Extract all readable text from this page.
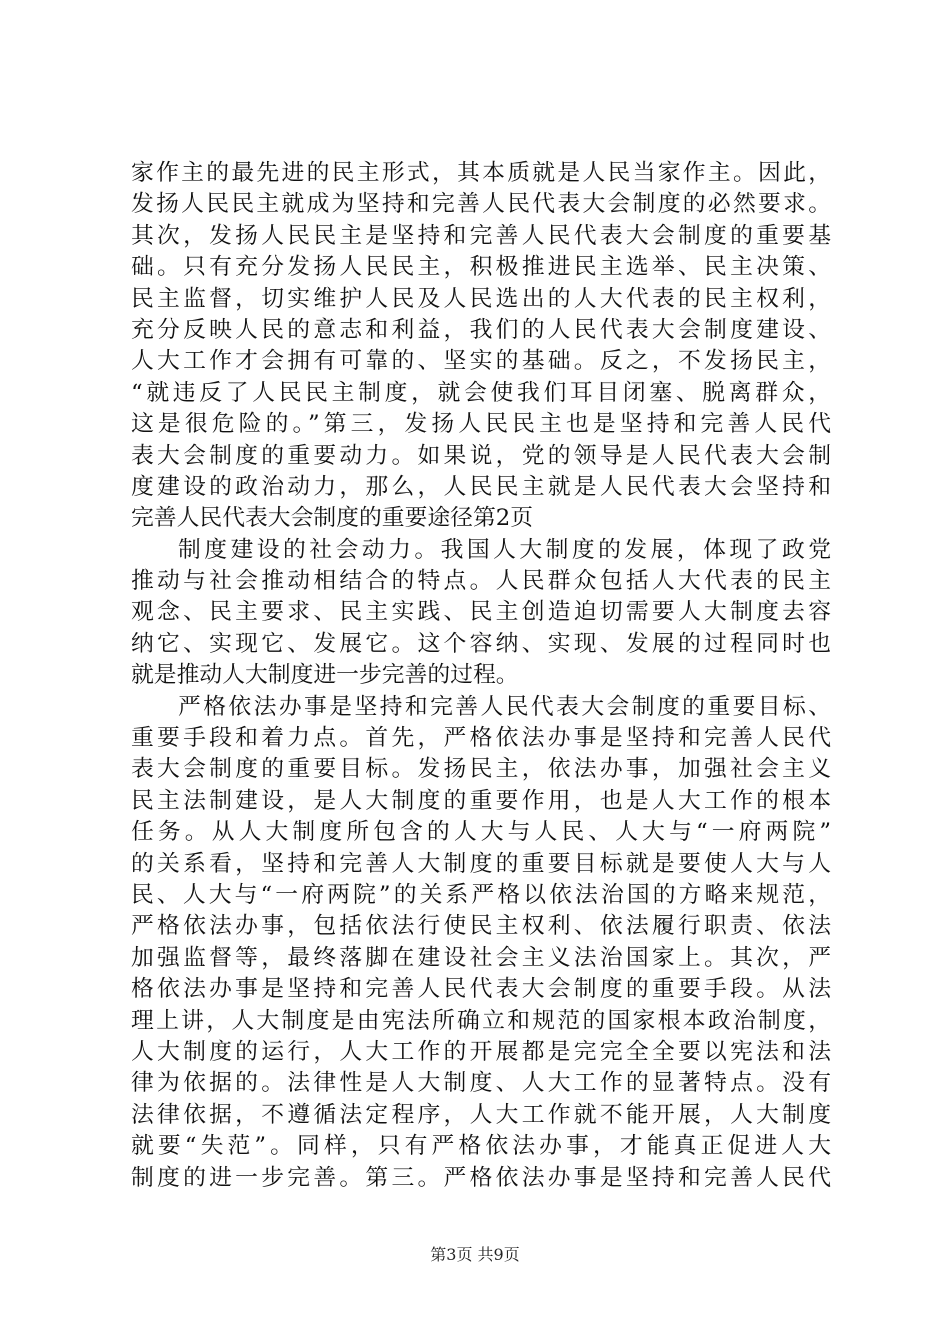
家作主的最先进的民主形式，其本质就是人民当家作主。因此，
发扬人民民主就成为坚持和完善人民代表大会制度的必然要求。
其次，发扬人民民主是坚持和完善人民代表大会制度的重要基
础。只有充分发扬人民民主，积极推进民主选举、民主决策、
民主监督，切实维护人民及人民选出的人大代表的民主权利，
充分反映人民的意志和利益，我们的人民代表大会制度建设、
人大工作才会拥有可靠的、坚实的基础。反之，不发扬民主，
“就违反了人民民主制度，就会使我们耳目闭塞、脱离群众，
这是很危险的。”第三，发扬人民民主也是坚持和完善人民代
表大会制度的重要动力。如果说，党的领导是人民代表大会制
度建设的政治动力，那么，人民民主就是人民代表大会坚持和
完善人民代表大会制度的重要途径第2页
制度建设的社会动力。我国人大制度的发展，体现了政党
推动与社会推动相结合的特点。人民群众包括人大代表的民主
观念、民主要求、民主实践、民主创造迫切需要人大制度去容
纳它、实现它、发展它。这个容纳、实现、发展的过程同时也
就是推动人大制度进一步完善的过程。
严格依法办事是坚持和完善人民代表大会制度的重要目标、
重要手段和着力点。首先，严格依法办事是坚持和完善人民代
表大会制度的重要目标。发扬民主，依法办事，加强社会主义
民主法制建设，是人大制度的重要作用，也是人大工作的根本
任务。从人大制度所包含的人大与人民、人大与“一府两院”
的关系看，坚持和完善人大制度的重要目标就是要使人大与人
民、人大与“一府两院”的关系严格以依法治国的方略来规范，
严格依法办事，包括依法行使民主权利、依法履行职责、依法
加强监督等，最终落脚在建设社会主义法治国家上。其次，严
格依法办事是坚持和完善人民代表大会制度的重要手段。从法
理上讲，人大制度是由宪法所确立和规范的国家根本政治制度，
人大制度的运行，人大工作的开展都是完完全全要以宪法和法
律为依据的。法律性是人大制度、人大工作的显著特点。没有
法律依据，不遵循法定程序，人大工作就不能开展，人大制度
就要“失范”。同样，只有严格依法办事，才能真正促进人大
制度的进一步完善。第三。严格依法办事是坚持和完善人民代
第3页 共9页
